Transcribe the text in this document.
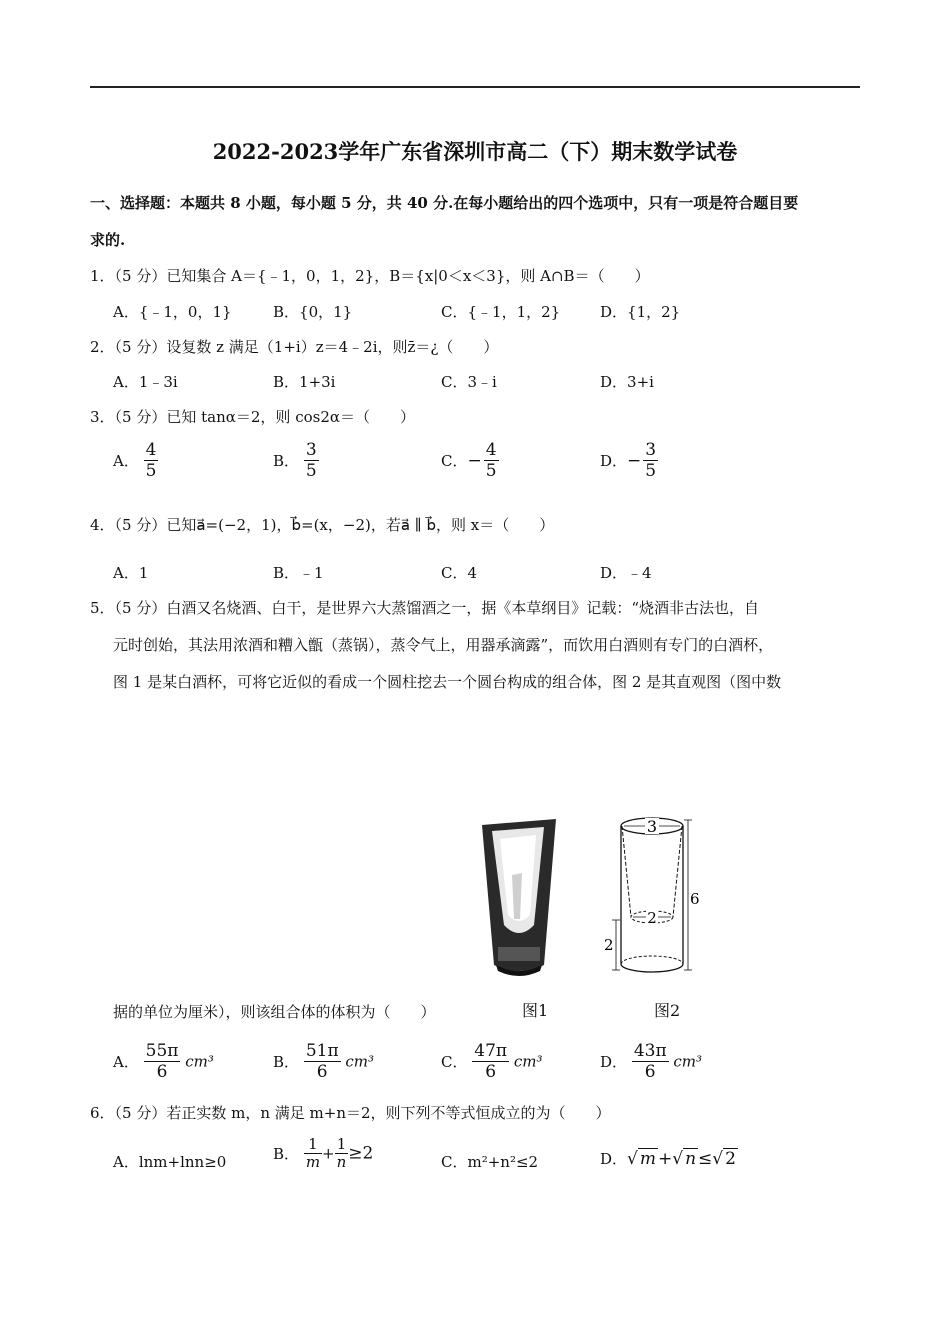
2022-2023学年广东省深圳市高二（下）期末数学试卷
一、选择题：本题共 8 小题，每小题 5 分，共 40 分.在每小题给出的四个选项中，只有一项是符合题目要
求的.
1．（5 分）已知集合 A＝{﹣1，0，1，2}，B＝{x|0＜x＜3}，则 A∩B＝（　　）
A．{﹣1，0，1}	B．{0，1}	C．{﹣1，1，2}	D．{1，2}
2．（5 分）设复数 z 满足（1+i）z＝4﹣2i，则z̄＝¿（　　）
A．1﹣3i	B．1+3i	C．3﹣i	D．3+i
3．（5 分）已知 tanα＝2，则 cos2α＝（　　）
A． $\frac{4}{5}$	B． $\frac{3}{5}$	C．− $\frac{4}{5}$	D．− $\frac{3}{5}$
4．（5 分）已知a⃗=(−2，1)，b⃗=(x，−2)，若a⃗ ∥ b⃗，则 x＝（　　）
A．1	B．﹣1	C．4	D．﹣4
5．（5 分）白酒又名烧酒、白干，是世界六大蒸馏酒之一，据《本草纲目》记载：“烧酒非古法也，自
元时创始，其法用浓酒和糟入甑（蒸锅），蒸令气上，用器承滴露”，而饮用白酒则有专门的白酒杯，
图 1 是某白酒杯，可将它近似的看成一个圆柱挖去一个圆台构成的组合体，图 2 是其直观图（图中数
3
2
6
2
据的单位为厘米），则该组合体的体积为（　　）	图1	图2
A． $\frac{55\pi}{6} cm^3$	B． $\frac{51\pi}{6} cm^3$	C． $\frac{47\pi}{6} cm^3$	D． $\frac{43\pi}{6} cm^3$
6．（5 分）若正实数 m，n 满足 m+n＝2，则下列不等式恒成立的为（　　）
A．lnm+lnn≥0	B． $\frac{1}{m} + \frac{1}{n} \ge 2$	C．m²+n²≤2	D．√ m +√ n ≤√ 2
